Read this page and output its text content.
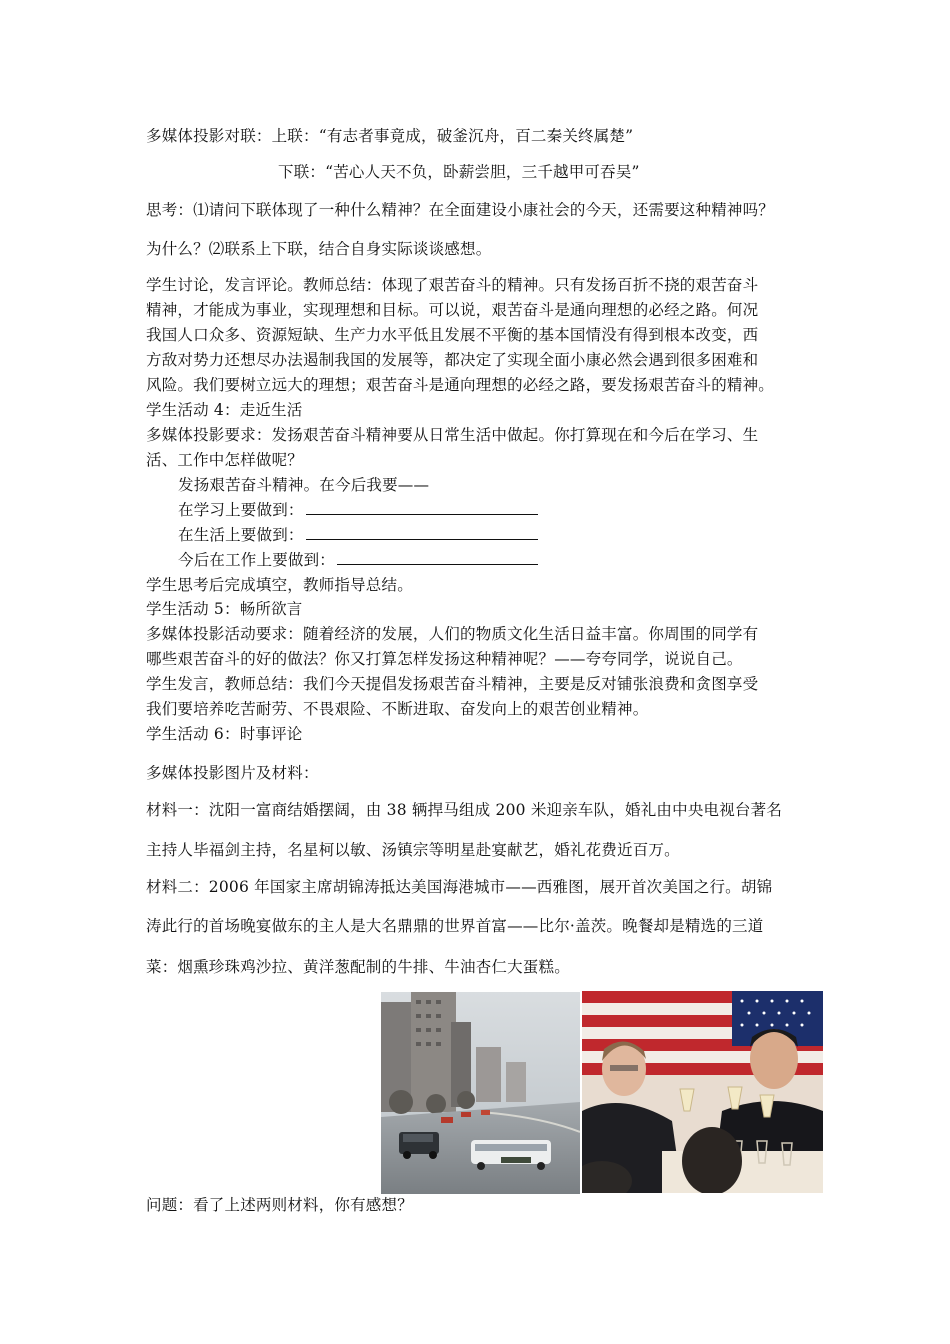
多媒体投影对联：上联：“有志者事竟成，破釜沉舟，百二秦关终属楚”
下联：“苦心人天不负，卧薪尝胆，三千越甲可吞吴”
思考：⑴请问下联体现了一种什么精神？在全面建设小康社会的今天，还需要这种精神吗？
为什么？⑵联系上下联，结合自身实际谈谈感想。
学生讨论，发言评论。教师总结：体现了艰苦奋斗的精神。只有发扬百折不挠的艰苦奋斗
精神，才能成为事业，实现理想和目标。可以说，艰苦奋斗是通向理想的必经之路。何况
我国人口众多、资源短缺、生产力水平低且发展不平衡的基本国情没有得到根本改变，西
方敌对势力还想尽办法遏制我国的发展等，都决定了实现全面小康必然会遇到很多困难和
风险。我们要树立远大的理想；艰苦奋斗是通向理想的必经之路，要发扬艰苦奋斗的精神。
学生活动 4：走近生活
多媒体投影要求：发扬艰苦奋斗精神要从日常生活中做起。你打算现在和今后在学习、生
活、工作中怎样做呢？
发扬艰苦奋斗精神。在今后我要——
在学习上要做到：
在生活上要做到：
今后在工作上要做到：
学生思考后完成填空，教师指导总结。
学生活动 5：畅所欲言
多媒体投影活动要求：随着经济的发展，人们的物质文化生活日益丰富。你周围的同学有
哪些艰苦奋斗的好的做法？你又打算怎样发扬这种精神呢？——夸夸同学，说说自己。
学生发言，教师总结：我们今天提倡发扬艰苦奋斗精神，主要是反对铺张浪费和贪图享受
我们要培养吃苦耐劳、不畏艰险、不断进取、奋发向上的艰苦创业精神。
学生活动 6：时事评论
多媒体投影图片及材料：
材料一：沈阳一富商结婚摆阔，由 38 辆捍马组成 200 米迎亲车队，婚礼由中央电视台著名
主持人毕福剑主持，名星柯以敏、汤镇宗等明星赴宴献艺，婚礼花费近百万。
材料二：2006 年国家主席胡锦涛抵达美国海港城市——西雅图，展开首次美国之行。胡锦
涛此行的首场晚宴做东的主人是大名鼎鼎的世界首富——比尔·盖茨。晚餐却是精选的三道
菜：烟熏珍珠鸡沙拉、黄洋葱配制的牛排、牛油杏仁大蛋糕。
问题：看了上述两则材料，你有感想？
